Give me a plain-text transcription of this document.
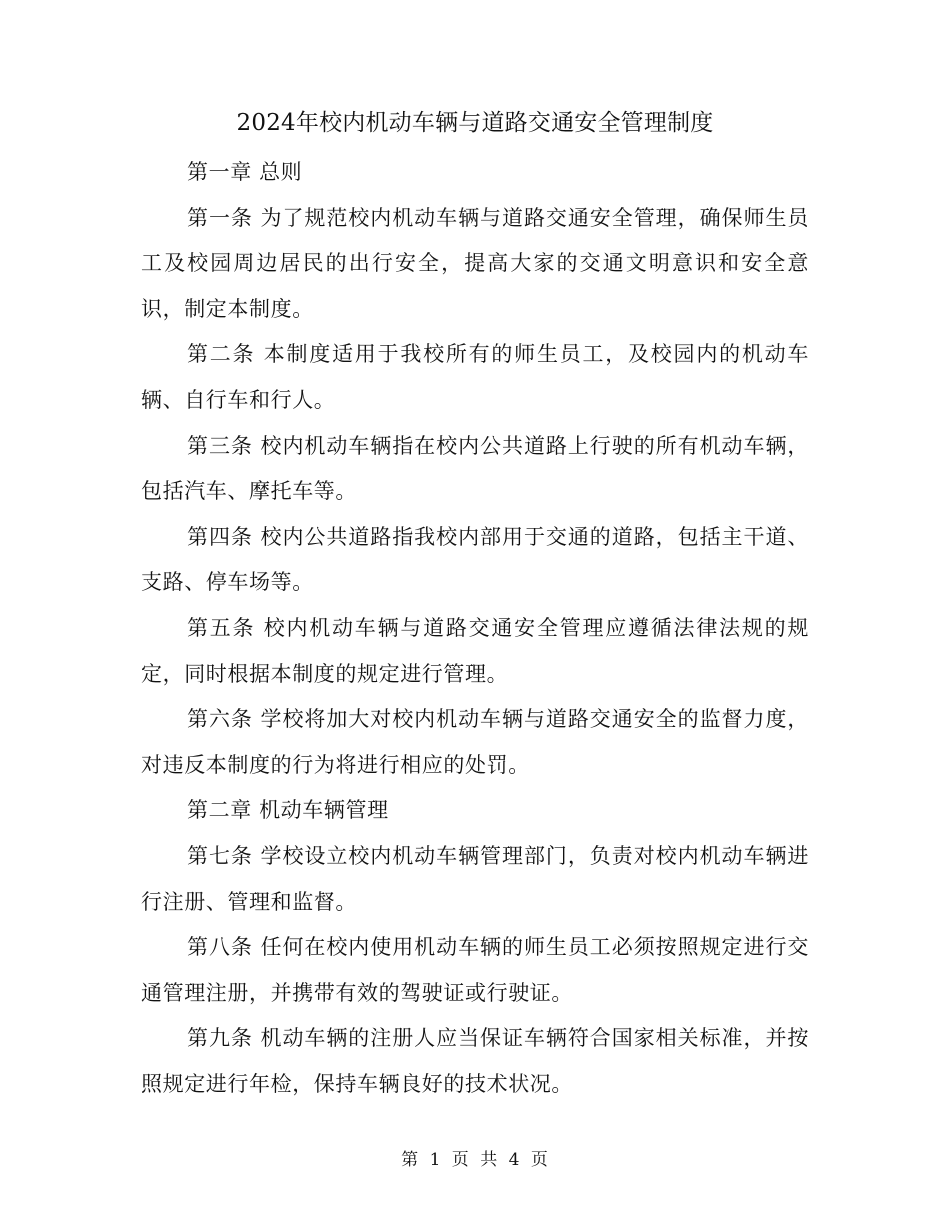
2024年校内机动车辆与道路交通安全管理制度

第一章 总则

第一条 为了规范校内机动车辆与道路交通安全管理，确保师生员工及校园周边居民的出行安全，提高大家的交通文明意识和安全意识，制定本制度。

第二条 本制度适用于我校所有的师生员工，及校园内的机动车辆、自行车和行人。

第三条 校内机动车辆指在校内公共道路上行驶的所有机动车辆，包括汽车、摩托车等。

第四条 校内公共道路指我校内部用于交通的道路，包括主干道、支路、停车场等。

第五条 校内机动车辆与道路交通安全管理应遵循法律法规的规定，同时根据本制度的规定进行管理。

第六条 学校将加大对校内机动车辆与道路交通安全的监督力度，对违反本制度的行为将进行相应的处罚。

第二章 机动车辆管理

第七条 学校设立校内机动车辆管理部门，负责对校内机动车辆进行注册、管理和监督。

第八条 任何在校内使用机动车辆的师生员工必须按照规定进行交通管理注册，并携带有效的驾驶证或行驶证。

第九条 机动车辆的注册人应当保证车辆符合国家相关标准，并按照规定进行年检，保持车辆良好的技术状况。

第 1 页 共 4 页
